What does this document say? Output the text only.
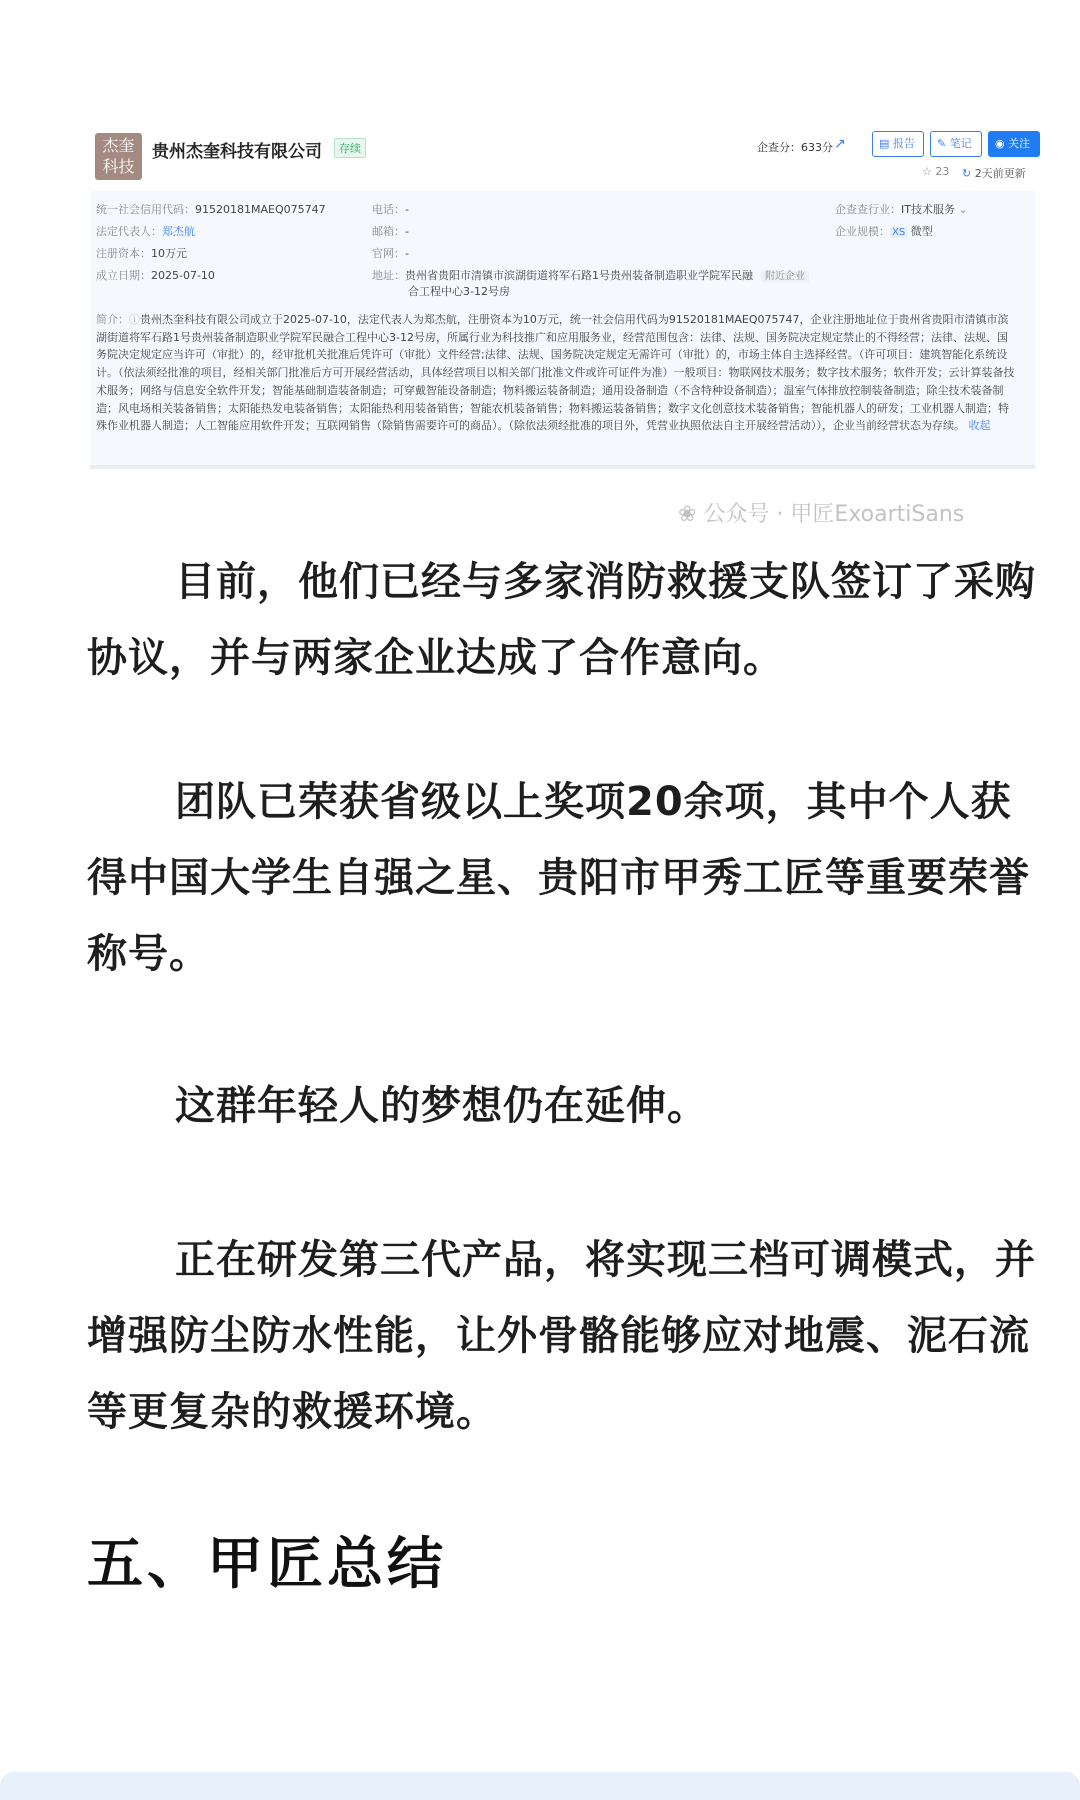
杰奎
科技
贵州杰奎科技有限公司	存续	企查分：633分 ↗	▤ 报告	✎ 笔记	◉ 关注
☆ 23 ↻ 2天前更新
统一社会信用代码：91520181MAEQ075747
法定代表人：郑杰航
注册资本：10万元
成立日期：2025-07-10
电话：-
邮箱：-
官网：-
地址：贵州省贵阳市清镇市滨湖街道将军石路1号贵州装备制造职业学院军民融 附近企业
合工程中心3-12号房
企查查行业：IT技术服务 ⌄
企业规模： XS 微型
简介：ⓘ贵州杰奎科技有限公司成立于2025-07-10，法定代表人为郑杰航，注册资本为10万元，统一社会信用代码为91520181MAEQ075747，企业注册地址位于贵州省贵阳市清镇市滨湖街道将军石路1号贵州装备制造职业学院军民融合工程中心3-12号房，所属行业为科技推广和应用服务业，经营范围包含：法律、法规、国务院决定规定禁止的不得经营；法律、法规、国务院决定规定应当许可（审批）的，经审批机关批准后凭许可（审批）文件经营;法律、法规、国务院决定规定无需许可（审批）的，市场主体自主选择经营。（许可项目：建筑智能化系统设计。（依法须经批准的项目，经相关部门批准后方可开展经营活动，具体经营项目以相关部门批准文件或许可证件为准）一般项目：物联网技术服务；数字技术服务；软件开发；云计算装备技术服务；网络与信息安全软件开发；智能基础制造装备制造；可穿戴智能设备制造；物料搬运装备制造；通用设备制造（不含特种设备制造）；温室气体排放控制装备制造；除尘技术装备制造；风电场相关装备销售；太阳能热发电装备销售；太阳能热利用装备销售；智能农机装备销售；物料搬运装备销售；数字文化创意技术装备销售；智能机器人的研发；工业机器人制造；特殊作业机器人制造；人工智能应用软件开发；互联网销售（除销售需要许可的商品）。（除依法须经批准的项目外，凭营业执照依法自主开展经营活动）），企业当前经营状态为存续。 收起
❀ 公众号 · 甲匠ExoartiSans
目前，他们已经与多家消防救援支队签订了采购协议，并与两家企业达成了合作意向。
团队已荣获省级以上奖项20余项，其中个人获得中国大学生自强之星、贵阳市甲秀工匠等重要荣誉称号。
这群年轻人的梦想仍在延伸。
正在研发第三代产品，将实现三档可调模式，并增强防尘防水性能，让外骨骼能够应对地震、泥石流等更复杂的救援环境。
五、甲匠总结
